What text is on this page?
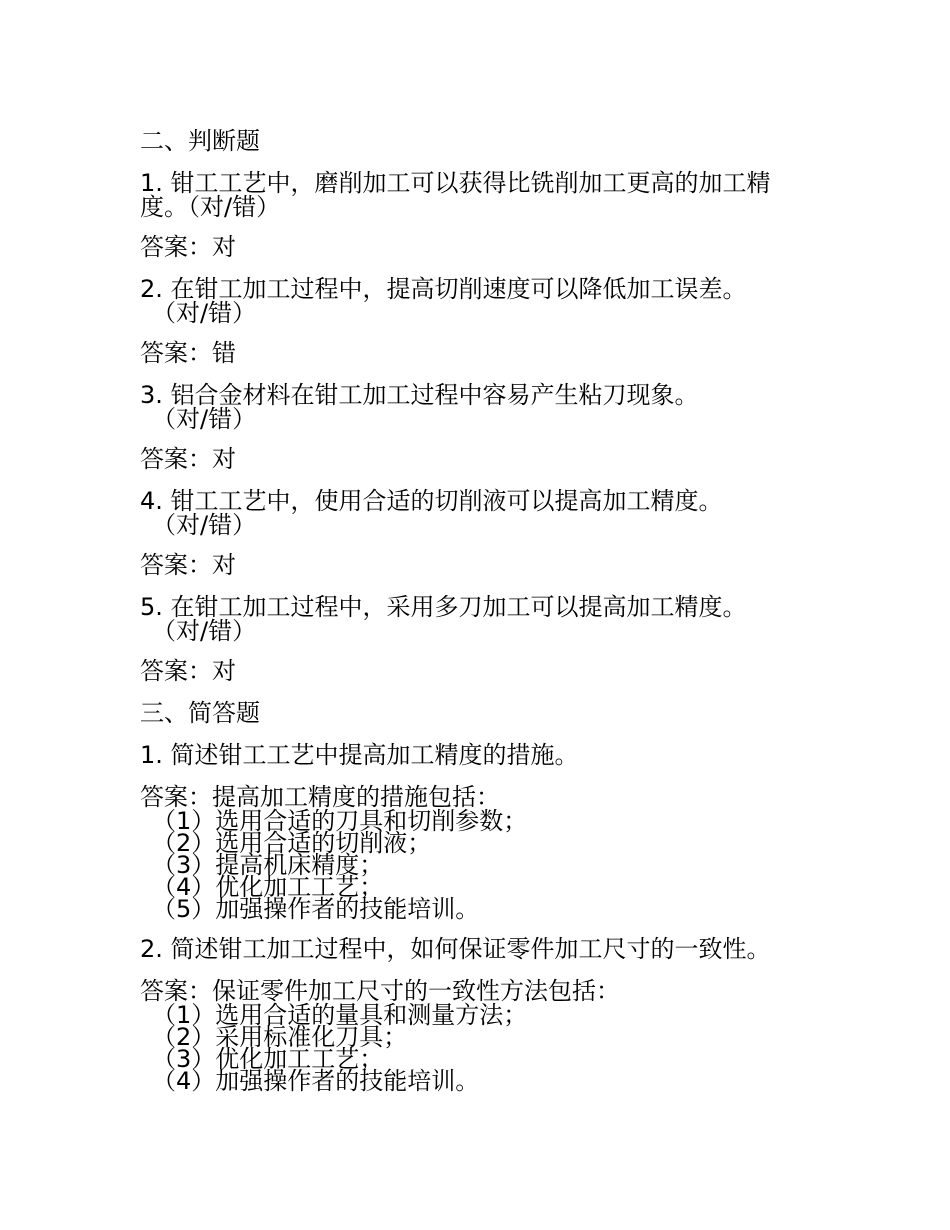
二、判断题
1. 钳工工艺中，磨削加工可以获得比铣削加工更高的加工精
度。（对/错）
答案：对
2. 在钳工加工过程中，提高切削速度可以降低加工误差。
（对/错）
答案：错
3. 铝合金材料在钳工加工过程中容易产生粘刀现象。
（对/错）
答案：对
4. 钳工工艺中，使用合适的切削液可以提高加工精度。
（对/错）
答案：对
5. 在钳工加工过程中，采用多刀加工可以提高加工精度。
（对/错）
答案：对
三、简答题
1. 简述钳工工艺中提高加工精度的措施。
答案：提高加工精度的措施包括：
（1）选用合适的刀具和切削参数；
（2）选用合适的切削液；
（3）提高机床精度；
（4）优化加工工艺；
（5）加强操作者的技能培训。
2. 简述钳工加工过程中，如何保证零件加工尺寸的一致性。
答案：保证零件加工尺寸的一致性方法包括：
（1）选用合适的量具和测量方法；
（2）采用标准化刀具；
（3）优化加工工艺；
（4）加强操作者的技能培训。
